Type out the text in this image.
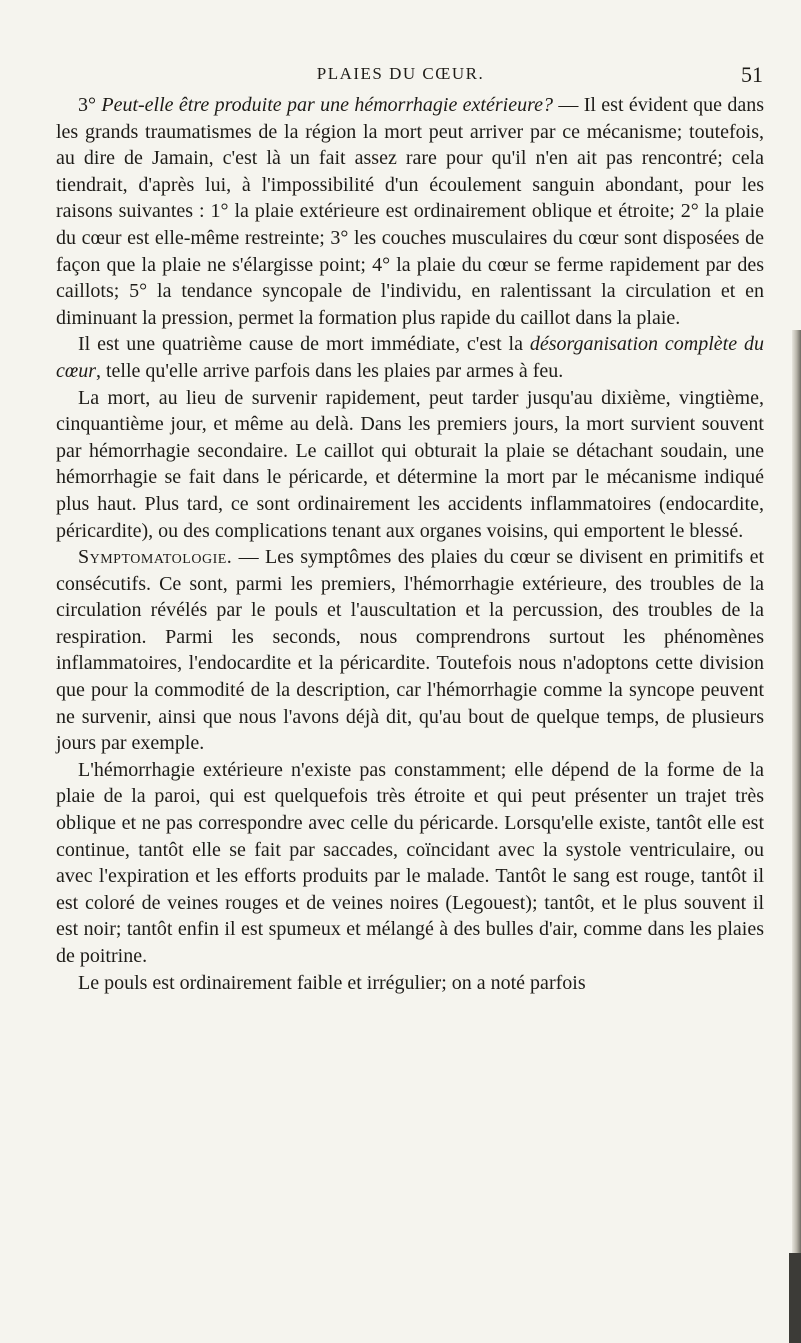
PLAIES DU CŒUR.	51

3° Peut-elle être produite par une hémorrhagie extérieure? — Il est évident que dans les grands traumatismes de la région la mort peut arriver par ce mécanisme; toutefois, au dire de Jamain, c'est là un fait assez rare pour qu'il n'en ait pas rencontré; cela tiendrait, d'après lui, à l'impossibilité d'un écoulement sanguin abondant, pour les raisons suivantes : 1° la plaie extérieure est ordinairement oblique et étroite; 2° la plaie du cœur est elle-même restreinte; 3° les couches musculaires du cœur sont disposées de façon que la plaie ne s'élargisse point; 4° la plaie du cœur se ferme rapidement par des caillots; 5° la tendance syncopale de l'individu, en ralentissant la circulation et en diminuant la pression, permet la formation plus rapide du caillot dans la plaie.

Il est une quatrième cause de mort immédiate, c'est la désorganisation complète du cœur, telle qu'elle arrive parfois dans les plaies par armes à feu.

La mort, au lieu de survenir rapidement, peut tarder jusqu'au dixième, vingtième, cinquantième jour, et même au delà. Dans les premiers jours, la mort survient souvent par hémorrhagie secondaire. Le caillot qui obturait la plaie se détachant soudain, une hémorrhagie se fait dans le péricarde, et détermine la mort par le mécanisme indiqué plus haut. Plus tard, ce sont ordinairement les accidents inflammatoires (endocardite, péricardite), ou des complications tenant aux organes voisins, qui emportent le blessé.

Symptomatologie. — Les symptômes des plaies du cœur se divisent en primitifs et consécutifs. Ce sont, parmi les premiers, l'hémorrhagie extérieure, des troubles de la circulation révélés par le pouls et l'auscultation et la percussion, des troubles de la respiration. Parmi les seconds, nous comprendrons surtout les phénomènes inflammatoires, l'endocardite et la péricardite. Toutefois nous n'adoptons cette division que pour la commodité de la description, car l'hémorrhagie comme la syncope peuvent ne survenir, ainsi que nous l'avons déjà dit, qu'au bout de quelque temps, de plusieurs jours par exemple.

L'hémorrhagie extérieure n'existe pas constamment; elle dépend de la forme de la plaie de la paroi, qui est quelquefois très étroite et qui peut présenter un trajet très oblique et ne pas correspondre avec celle du péricarde. Lorsqu'elle existe, tantôt elle est continue, tantôt elle se fait par saccades, coïncidant avec la systole ventriculaire, ou avec l'expiration et les efforts produits par le malade. Tantôt le sang est rouge, tantôt il est coloré de veines rouges et de veines noires (Legouest); tantôt, et le plus souvent il est noir; tantôt enfin il est spumeux et mélangé à des bulles d'air, comme dans les plaies de poitrine.

Le pouls est ordinairement faible et irrégulier; on a noté parfois
